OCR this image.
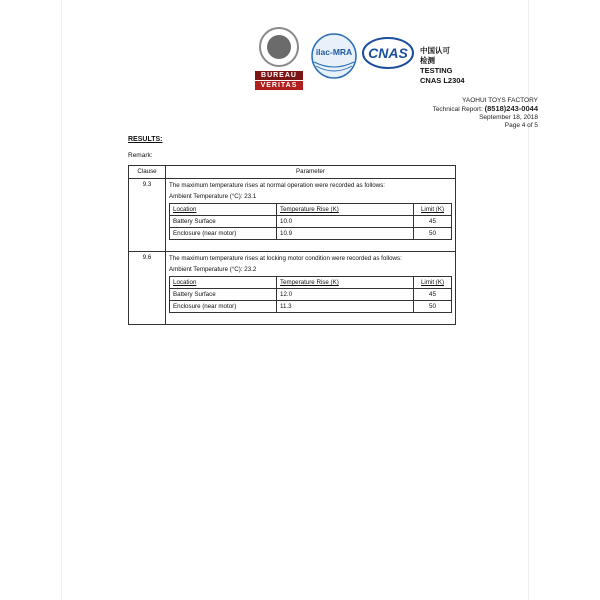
BUREAU
VERITAS
ilac-MRA CNAS 中国认可
检测
TESTING
CNAS L2304
YAOHUI TOYS FACTORY
Technical Report: (8518)243-0044
September 18, 2018
Page 4 of 5
RESULTS:
Remark:
Clause	Parameter
9.3	The maximum temperature rises at normal operation were recorded as follows:
Ambient Temperature (°C): 23.1
Location	Temperature Rise (K)	Limit (K)
Battery Surface	10.0	45
Enclosure (near motor)	10.9	50

9.6	The maximum temperature rises at locking motor condition were recorded as follows:
Ambient Temperature (°C): 23.2
Location	Temperature Rise (K)	Limit (K)
Battery Surface	12.0	45
Enclosure (near motor)	11.3	50
